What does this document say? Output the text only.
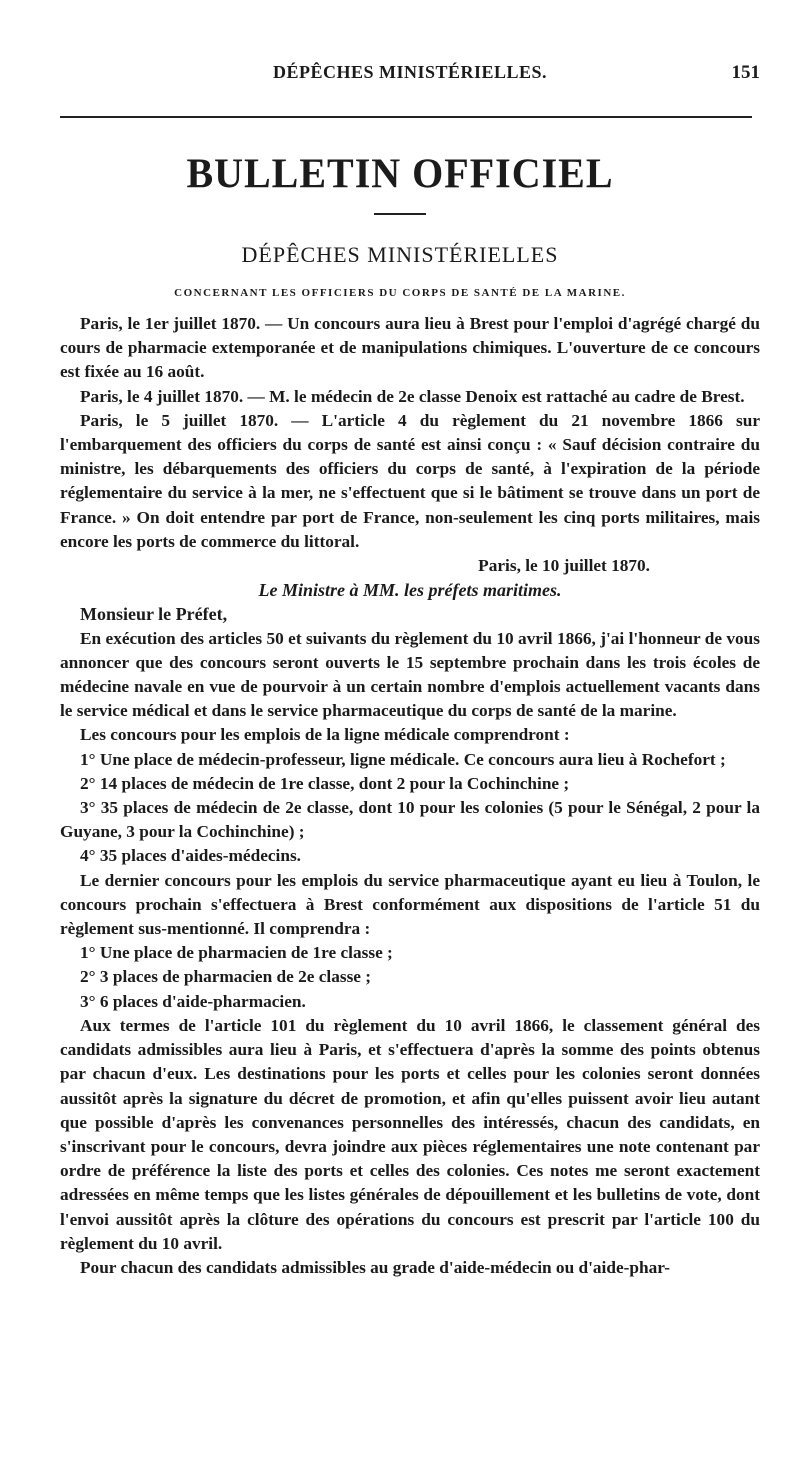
DÉPÊCHES MINISTÉRIELLES.	151
BULLETIN OFFICIEL
DÉPÊCHES MINISTÉRIELLES
CONCERNANT LES OFFICIERS DU CORPS DE SANTÉ DE LA MARINE.

Paris, le 1er juillet 1870. — Un concours aura lieu à Brest pour l'emploi d'agrégé chargé du cours de pharmacie extemporanée et de manipulations chimiques. L'ouverture de ce concours est fixée au 16 août.

Paris, le 4 juillet 1870. — M. le médecin de 2e classe Denoix est rattaché au cadre de Brest.

Paris, le 5 juillet 1870. — L'article 4 du règlement du 21 novembre 1866 sur l'embarquement des officiers du corps de santé est ainsi conçu : « Sauf décision contraire du ministre, les débarquements des officiers du corps de santé, à l'expiration de la période réglementaire du service à la mer, ne s'effectuent que si le bâtiment se trouve dans un port de France. » On doit entendre par port de France, non-seulement les cinq ports militaires, mais encore les ports de commerce du littoral.

Paris, le 10 juillet 1870.

Le Ministre à MM. les préfets maritimes.

Monsieur le Préfet,

En exécution des articles 50 et suivants du règlement du 10 avril 1866, j'ai l'honneur de vous annoncer que des concours seront ouverts le 15 septembre prochain dans les trois écoles de médecine navale en vue de pourvoir à un certain nombre d'emplois actuellement vacants dans le service médical et dans le service pharmaceutique du corps de santé de la marine.

Les concours pour les emplois de la ligne médicale comprendront :

1° Une place de médecin-professeur, ligne médicale. Ce concours aura lieu à Rochefort ;

2° 14 places de médecin de 1re classe, dont 2 pour la Cochinchine ;

3° 35 places de médecin de 2e classe, dont 10 pour les colonies (5 pour le Sénégal, 2 pour la Guyane, 3 pour la Cochinchine) ;

4° 35 places d'aides-médecins.

Le dernier concours pour les emplois du service pharmaceutique ayant eu lieu à Toulon, le concours prochain s'effectuera à Brest conformément aux dispositions de l'article 51 du règlement sus-mentionné. Il comprendra :

1° Une place de pharmacien de 1re classe ;

2° 3 places de pharmacien de 2e classe ;

3° 6 places d'aide-pharmacien.

Aux termes de l'article 101 du règlement du 10 avril 1866, le classement général des candidats admissibles aura lieu à Paris, et s'effectuera d'après la somme des points obtenus par chacun d'eux. Les destinations pour les ports et celles pour les colonies seront données aussitôt après la signature du décret de promotion, et afin qu'elles puissent avoir lieu autant que possible d'après les convenances personnelles des intéressés, chacun des candidats, en s'inscrivant pour le concours, devra joindre aux pièces réglementaires une note contenant par ordre de préférence la liste des ports et celles des colonies. Ces notes me seront exactement adressées en même temps que les listes générales de dépouillement et les bulletins de vote, dont l'envoi aussitôt après la clôture des opérations du concours est prescrit par l'article 100 du règlement du 10 avril.

Pour chacun des candidats admissibles au grade d'aide-médecin ou d'aide-phar-
